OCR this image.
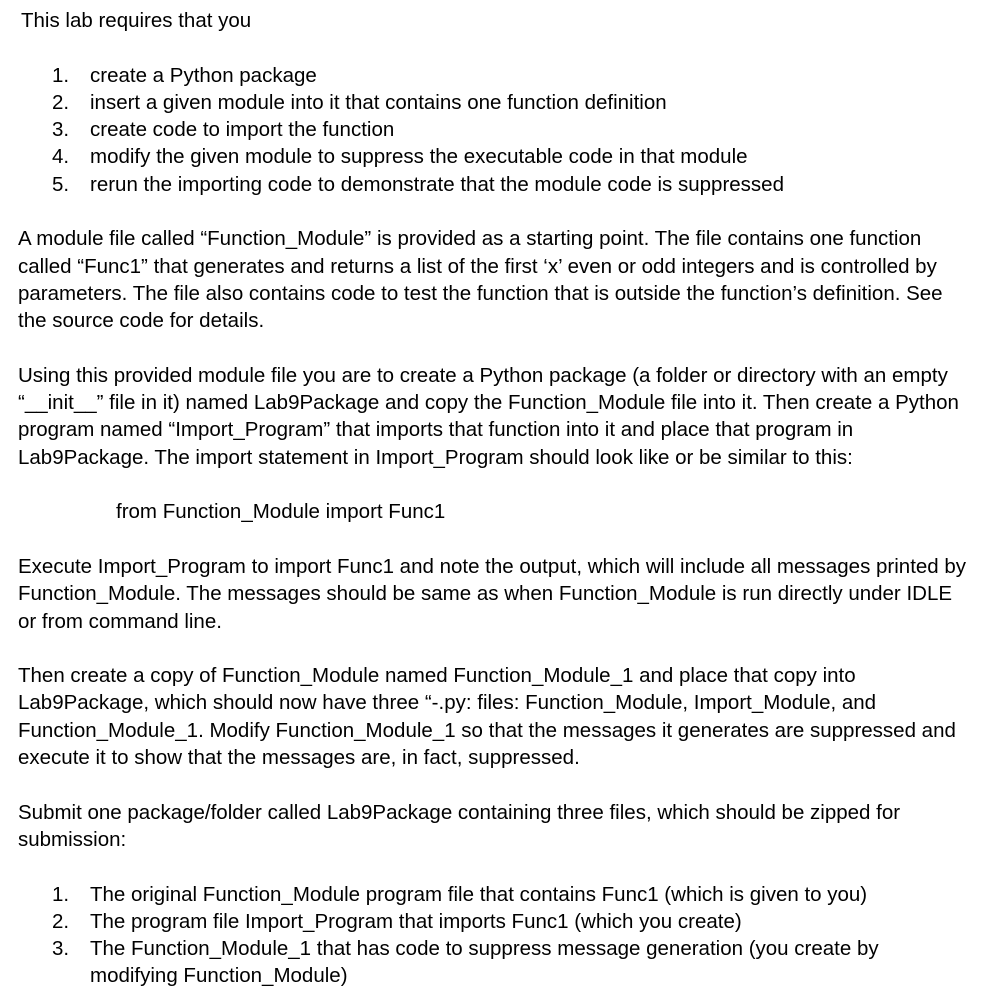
This lab requires that you

1. create a Python package
2. insert a given module into it that contains one function definition
3. create code to import the function
4. modify the given module to suppress the executable code in that module
5. rerun the importing code to demonstrate that the module code is suppressed

A module file called “Function_Module” is provided as a starting point. The file contains one function called “Func1” that generates and returns a list of the first ‘x’ even or odd integers and is controlled by parameters. The file also contains code to test the function that is outside the function’s definition. See the source code for details.

Using this provided module file you are to create a Python package (a folder or directory with an empty “__init__” file in it) named Lab9Package and copy the Function_Module file into it. Then create a Python program named “Import_Program” that imports that function into it and place that program in Lab9Package. The import statement in Import_Program should look like or be similar to this:

from Function_Module import Func1

Execute Import_Program to import Func1 and note the output, which will include all messages printed by Function_Module. The messages should be same as when Function_Module is run directly under IDLE or from command line.

Then create a copy of Function_Module named Function_Module_1 and place that copy into Lab9Package, which should now have three “-.py: files: Function_Module, Import_Module, and Function_Module_1. Modify Function_Module_1 so that the messages it generates are suppressed and execute it to show that the messages are, in fact, suppressed.

Submit one package/folder called Lab9Package containing three files, which should be zipped for submission:

1. The original Function_Module program file that contains Func1 (which is given to you)
2. The program file Import_Program that imports Func1 (which you create)
3. The Function_Module_1 that has code to suppress message generation (you create by modifying Function_Module)
